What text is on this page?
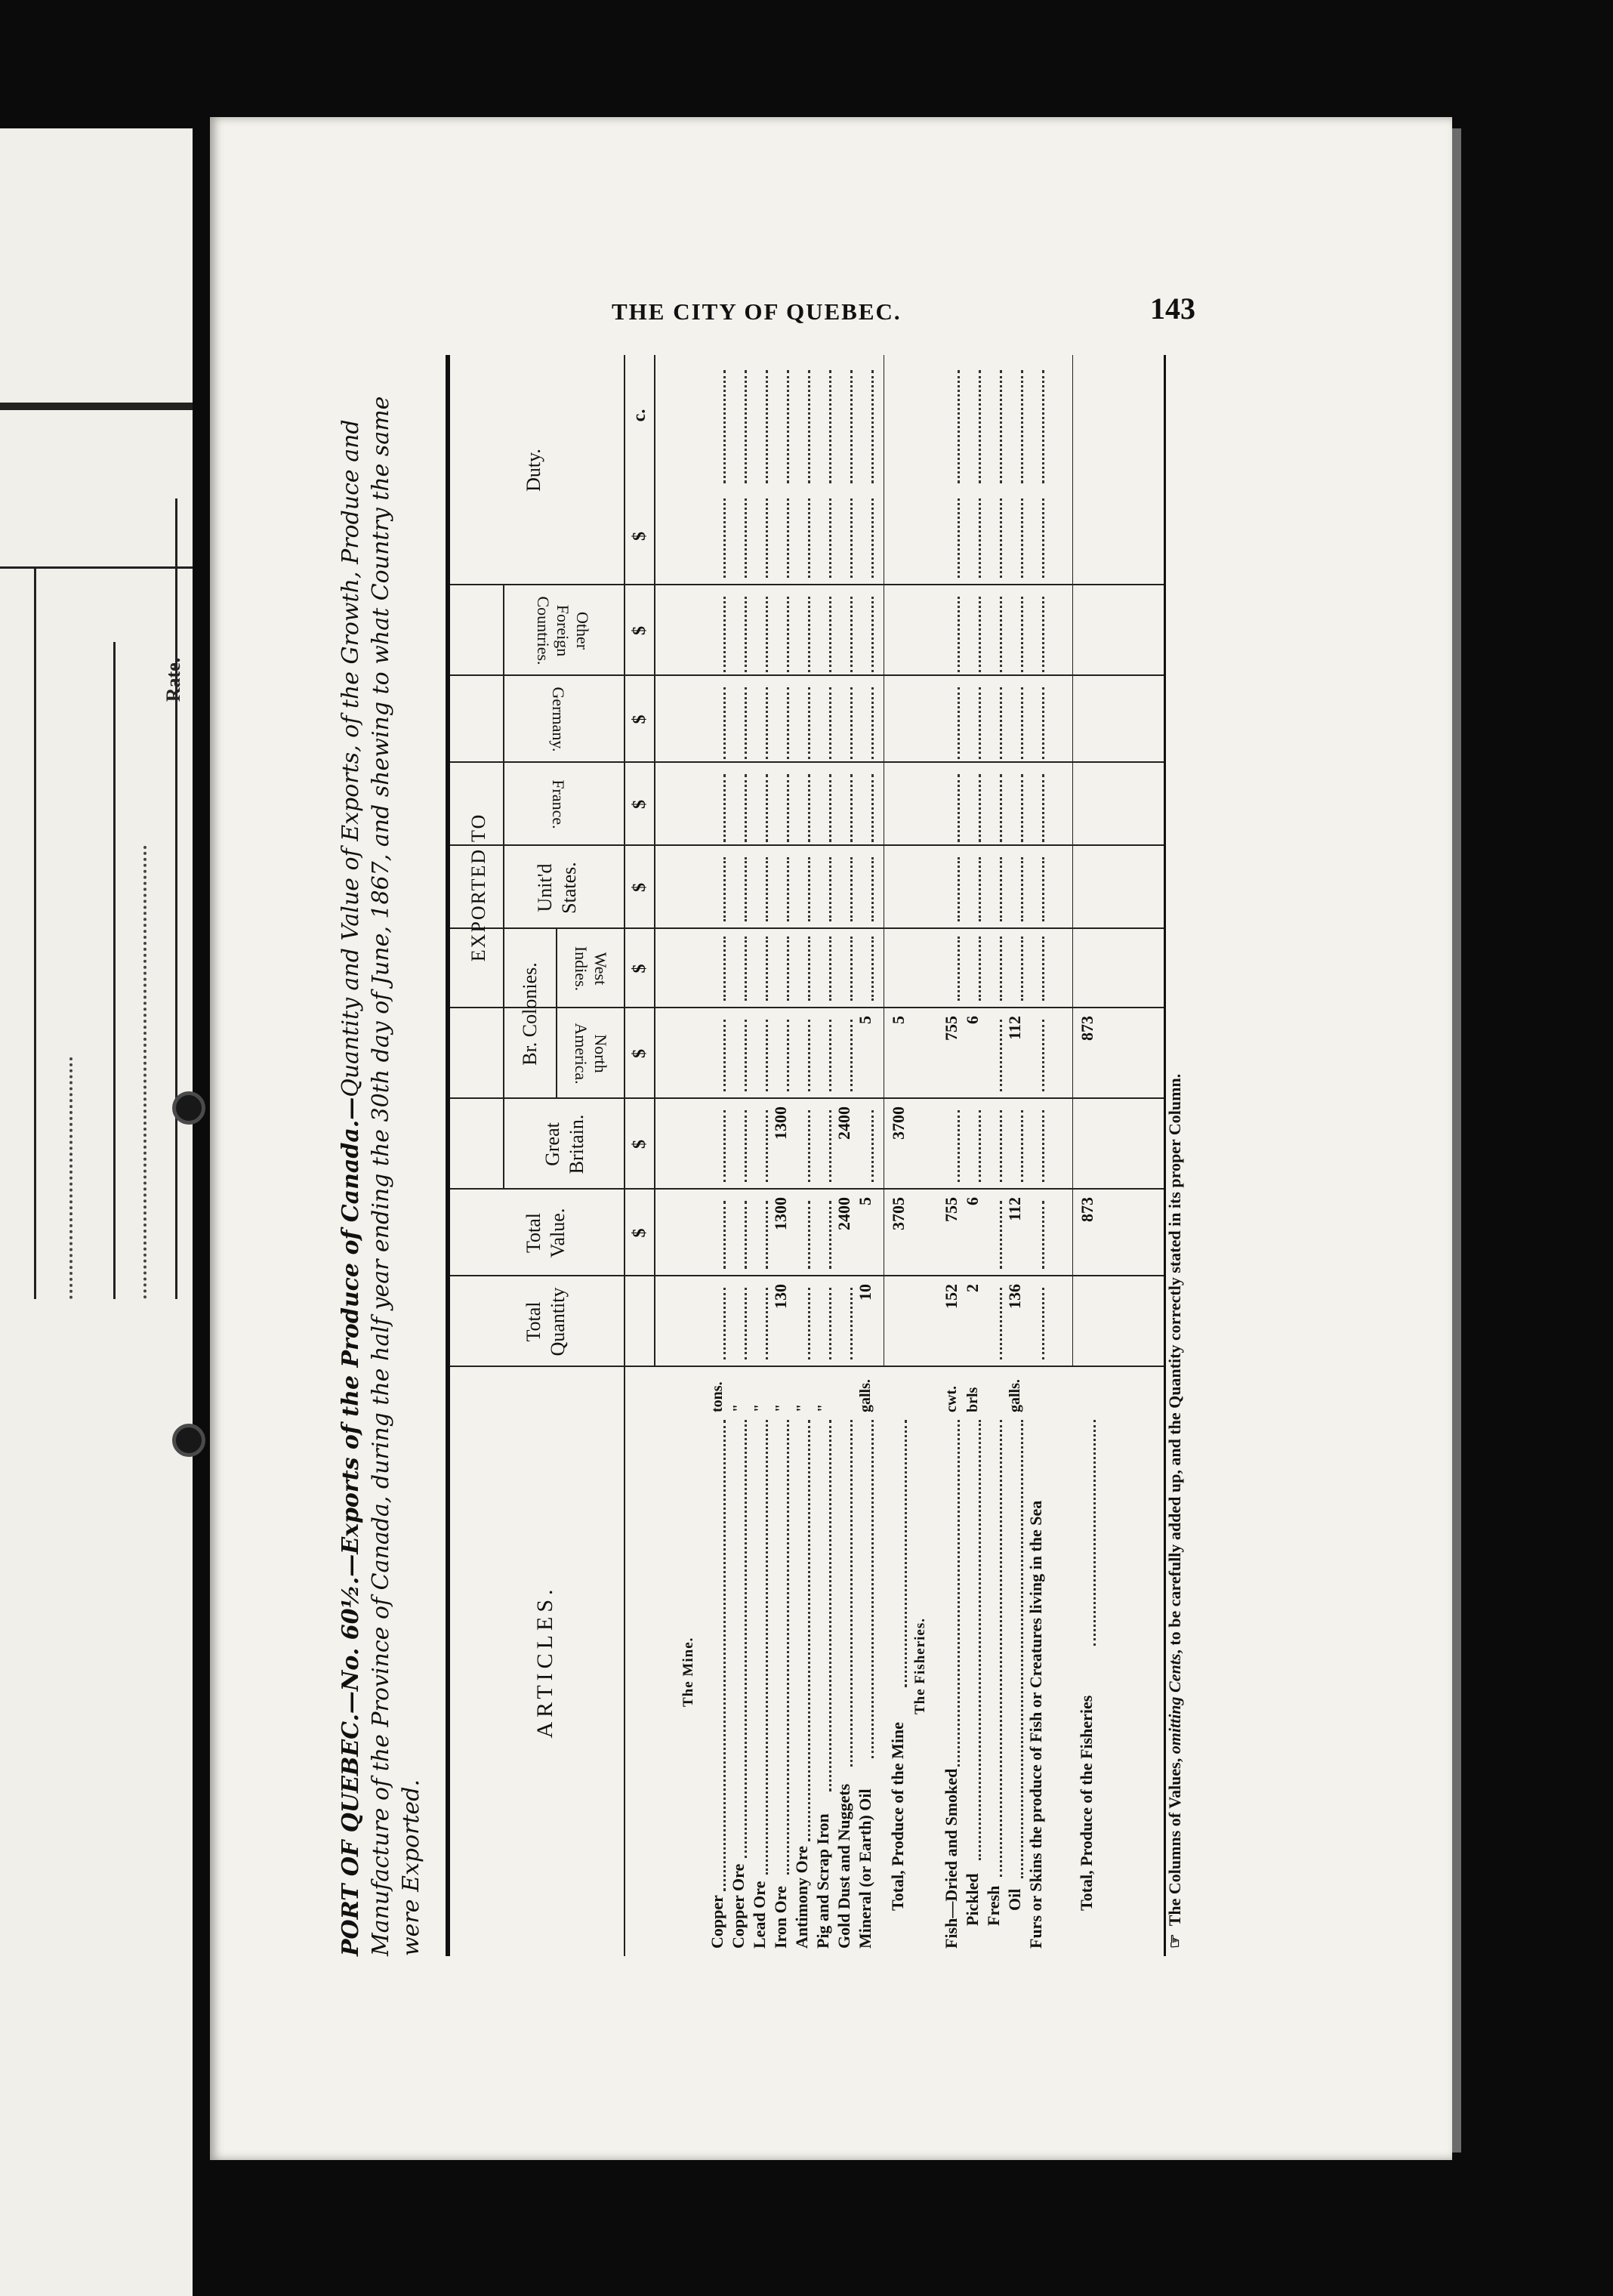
Rate.
THE CITY OF QUEBEC.	143
PORT OF QUEBEC.—No. 60½.—Exports of the Produce of Canada.—Quantity and Value of Exports, of the Growth, Produce and Manufacture of the Province of Canada, during the half year ending the 30th day of June, 1867, and shewing to what Country the same were Exported.
ARTICLES.
Total Quantity
Total Value.
EXPORTED TO
Great Britain.
Br. Colonies.	North America.
West Indies.
Unit'd States.
France.
Germany.
Other Foreign Countries.
Duty.
$
$
$
$
$
$
$
$
$
c.
The Mine.
Copper
tons.
Copper Ore
"
Lead Ore
"
Iron Ore
"
130
1300
1300
Antimony Ore
"
Pig and Scrap Iron
"
Gold Dust and Nuggets
2400
2400
Mineral (or Earth) Oil
galls.
10
5
5
Total, Produce of the Mine
3705
3700
5
Fish—Dried and Smoked
cwt.
152
755
755
Pickled
brls
2
6
6
Fresh Oil
galls.
136
112
112
Furs or Skins the produce of Fish or Creatures living in the Sea Total, Produce of the Fisheries
873
873
The Fisheries.
☞The Columns of Values, omitting Cents, to be carefully added up, and the Quantity correctly stated in its proper Column.
